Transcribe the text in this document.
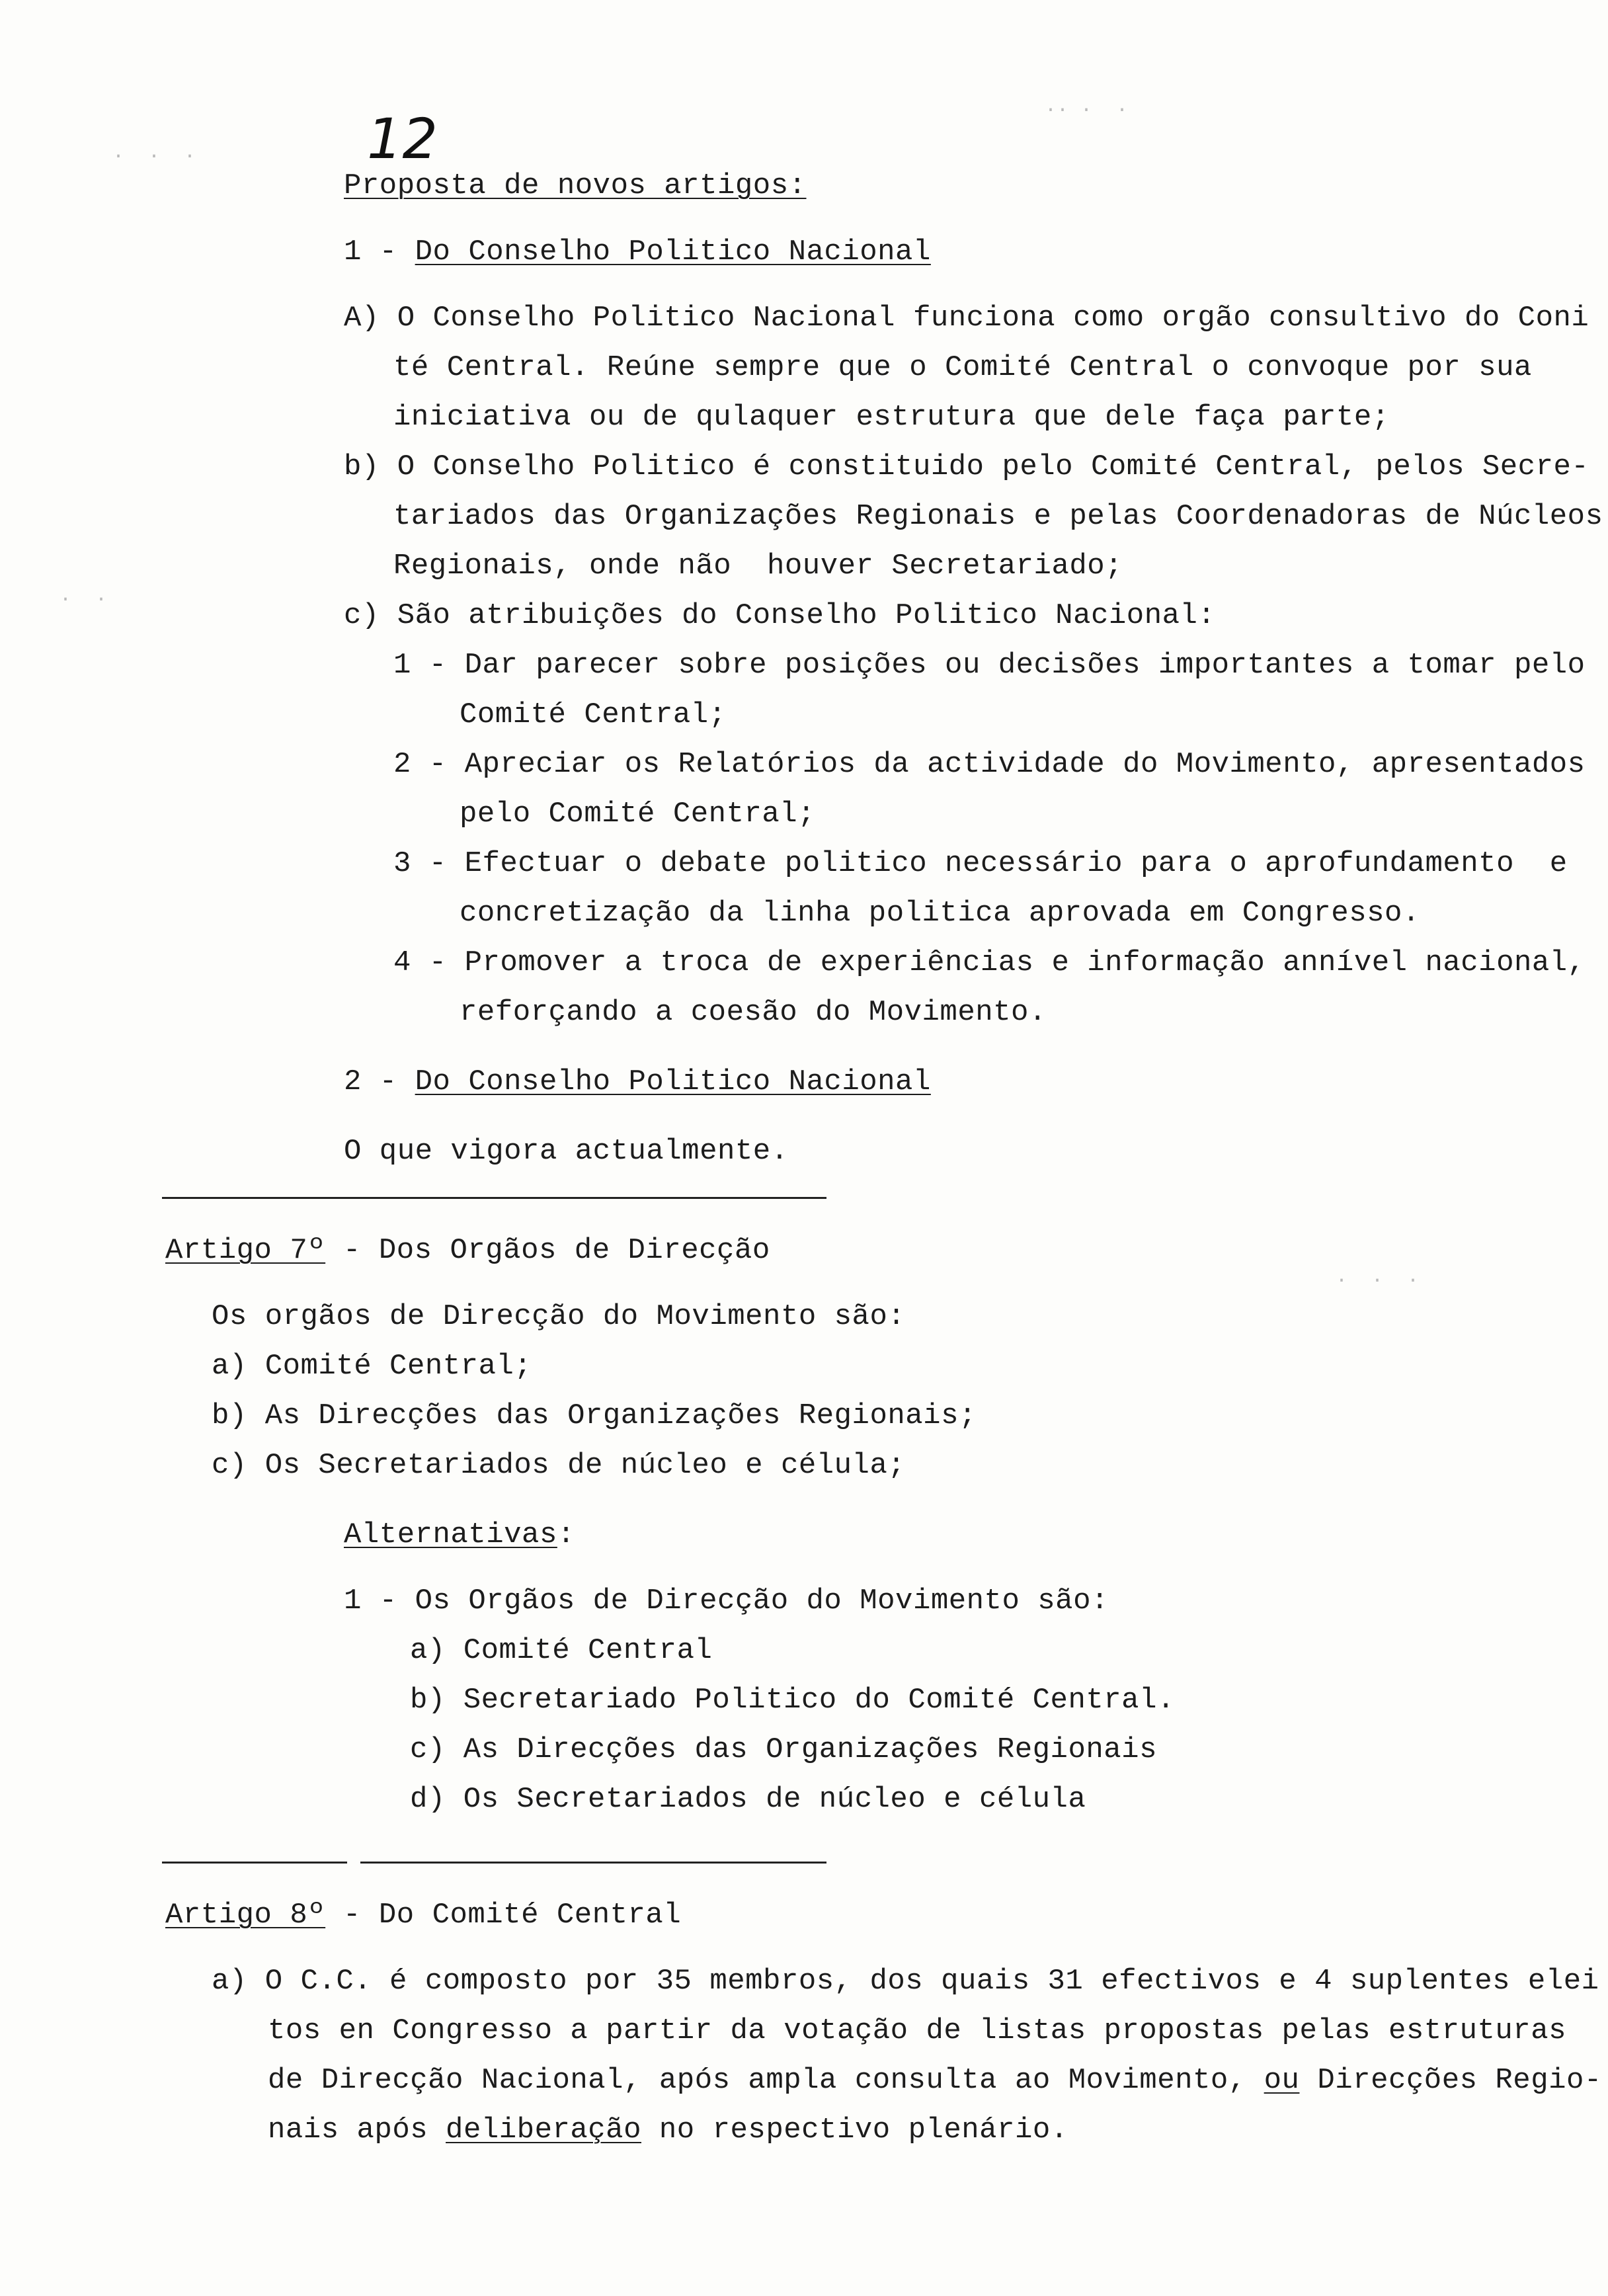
·  ·  ·
·· ·  ·
·  ·
·  ·  ·
12
Proposta de novos artigos:
1 - Do Conselho Politico Nacional
A) O Conselho Politico Nacional funciona como orgão consultivo do Coni
té Central. Reúne sempre que o Comité Central o convoque por sua
iniciativa ou de qulaquer estrutura que dele faça parte;
b) O Conselho Politico é constituido pelo Comité Central, pelos Secre-
tariados das Organizações Regionais e pelas Coordenadoras de Núcleos
Regionais, onde não  houver Secretariado;
c) São atribuições do Conselho Politico Nacional:
1 - Dar parecer sobre posições ou decisões importantes a tomar pelo
Comité Central;
2 - Apreciar os Relatórios da actividade do Movimento, apresentados
pelo Comité Central;
3 - Efectuar o debate politico necessário para o aprofundamento  e
concretização da linha politica aprovada em Congresso.
4 - Promover a troca de experiências e informação annível nacional,
reforçando a coesão do Movimento.
2 - Do Conselho Politico Nacional
O que vigora actualmente.
Artigo 7º - Dos Orgãos de Direcção
Os orgãos de Direcção do Movimento são:
a) Comité Central;
b) As Direcções das Organizações Regionais;
c) Os Secretariados de núcleo e célula;
Alternativas:
1 - Os Orgãos de Direcção do Movimento são:
a) Comité Central
b) Secretariado Politico do Comité Central.
c) As Direcções das Organizações Regionais
d) Os Secretariados de núcleo e célula
Artigo 8º - Do Comité Central
a) O C.C. é composto por 35 membros, dos quais 31 efectivos e 4 suplentes elei
tos en Congresso a partir da votação de listas propostas pelas estruturas
de Direcção Nacional, após ampla consulta ao Movimento, ou Direcções Regio-
nais após deliberação no respectivo plenário.
